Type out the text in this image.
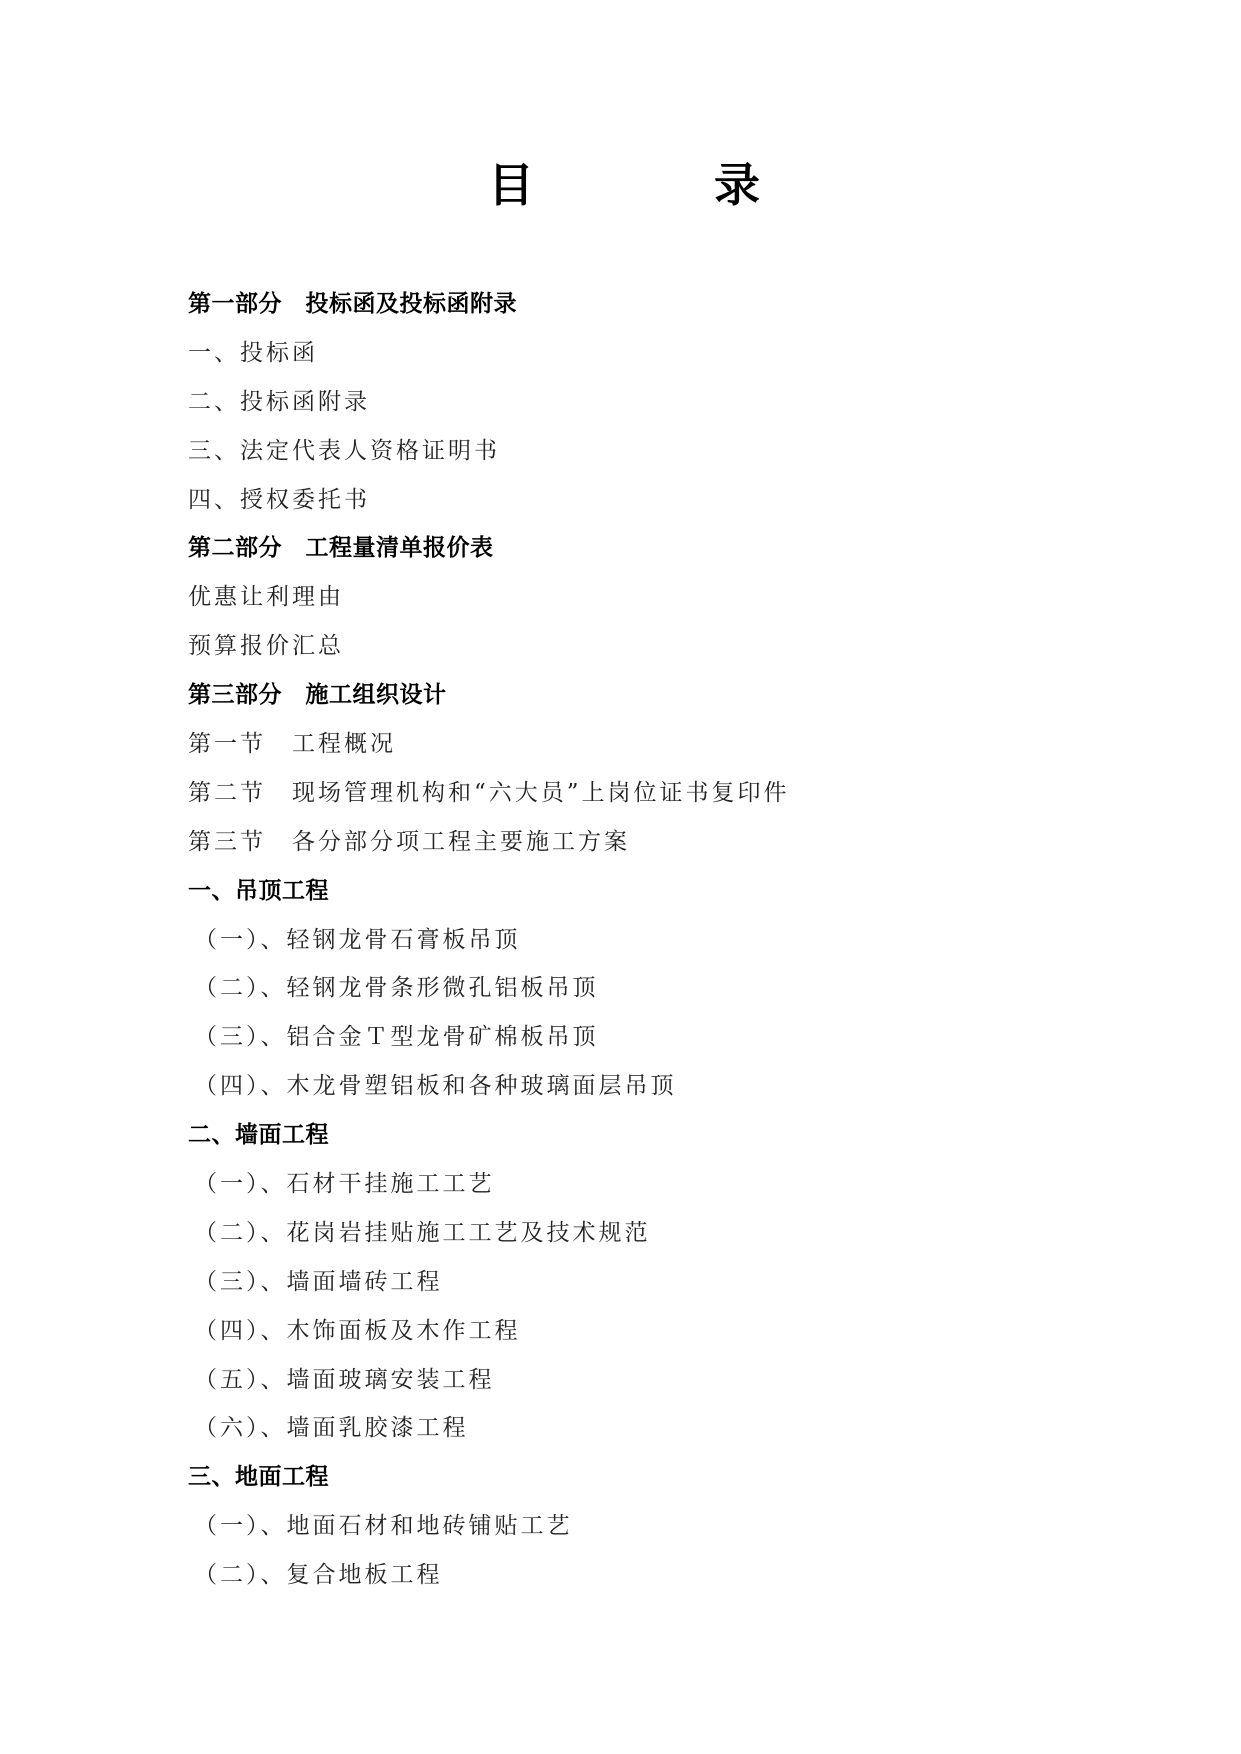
目	录
第一部分　投标函及投标函附录
一、投标函
二、投标函附录
三、法定代表人资格证明书
四、授权委托书
第二部分　工程量清单报价表
优惠让利理由
预算报价汇总
第三部分　施工组织设计
第一节　工程概况
第二节　现场管理机构和“六大员”上岗位证书复印件
第三节　各分部分项工程主要施工方案
一、吊顶工程
（一）、轻钢龙骨石膏板吊顶
（二）、轻钢龙骨条形微孔铝板吊顶
（三）、铝合金Ｔ型龙骨矿棉板吊顶
（四）、木龙骨塑铝板和各种玻璃面层吊顶
二、墙面工程
（一）、石材干挂施工工艺
（二）、花岗岩挂贴施工工艺及技术规范
（三）、墙面墙砖工程
（四）、木饰面板及木作工程
（五）、墙面玻璃安装工程
（六）、墙面乳胶漆工程
三、地面工程
（一）、地面石材和地砖铺贴工艺
（二）、复合地板工程
